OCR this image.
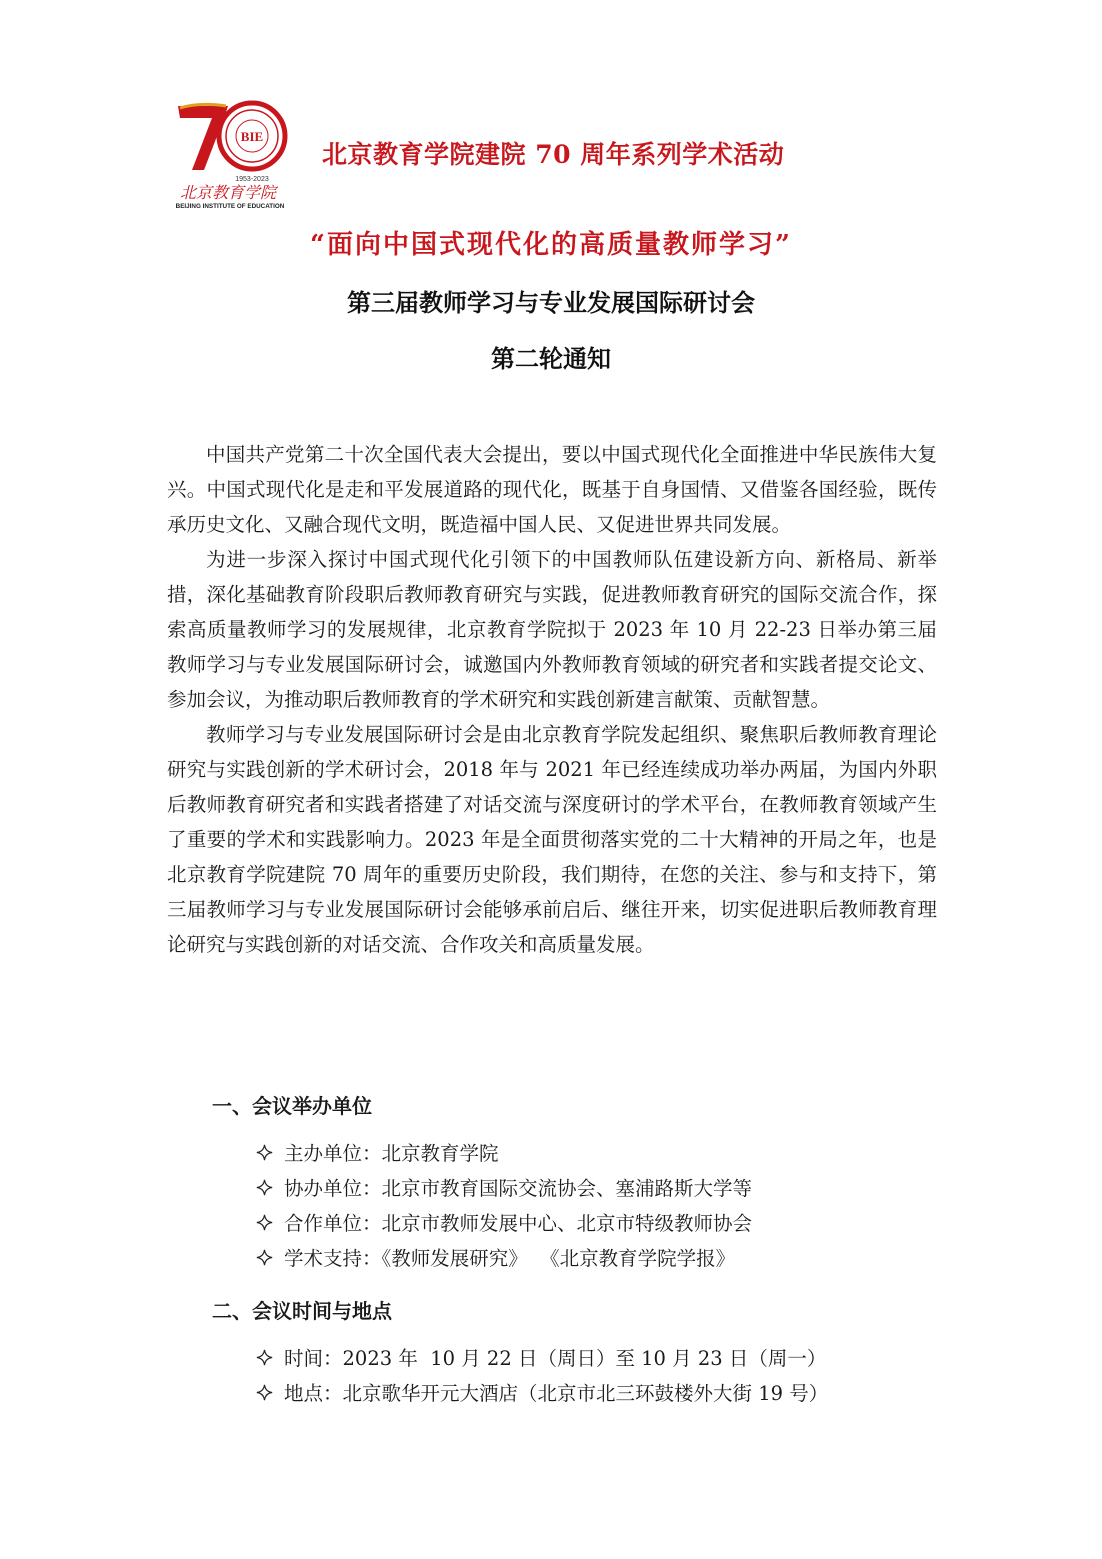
BIE
1953-2023
北京教育学院
BEIJING INSTITUTE OF EDUCATION
北京教育学院建院 70 周年系列学术活动
“面向中国式现代化的高质量教师学习”
第三届教师学习与专业发展国际研讨会
第二轮通知

中国共产党第二十次全国代表大会提出，要以中国式现代化全面推进中华民族伟大复兴。中国式现代化是走和平发展道路的现代化，既基于自身国情、又借鉴各国经验，既传承历史文化、又融合现代文明，既造福中国人民、又促进世界共同发展。

为进一步深入探讨中国式现代化引领下的中国教师队伍建设新方向、新格局、新举措，深化基础教育阶段职后教师教育研究与实践，促进教师教育研究的国际交流合作，探索高质量教师学习的发展规律，北京教育学院拟于 2023 年 10 月 22-23 日举办第三届教师学习与专业发展国际研讨会，诚邀国内外教师教育领域的研究者和实践者提交论文、参加会议，为推动职后教师教育的学术研究和实践创新建言献策、贡献智慧。

教师学习与专业发展国际研讨会是由北京教育学院发起组织、聚焦职后教师教育理论研究与实践创新的学术研讨会，2018 年与 2021 年已经连续成功举办两届，为国内外职后教师教育研究者和实践者搭建了对话交流与深度研讨的学术平台，在教师教育领域产生了重要的学术和实践影响力。2023 年是全面贯彻落实党的二十大精神的开局之年，也是北京教育学院建院 70 周年的重要历史阶段，我们期待，在您的关注、参与和支持下，第三届教师学习与专业发展国际研讨会能够承前启后、继往开来，切实促进职后教师教育理论研究与实践创新的对话交流、合作攻关和高质量发展。

一、会议举办单位
主办单位：北京教育学院
协办单位：北京市教育国际交流协会、塞浦路斯大学等
合作单位：北京市教师发展中心、北京市特级教师协会
学术支持：《教师发展研究》  《北京教育学院学报》
二、会议时间与地点
时间：2023 年  10 月 22 日（周日）至 10 月 23 日（周一）
地点：北京歌华开元大酒店（北京市北三环鼓楼外大街 19 号）
